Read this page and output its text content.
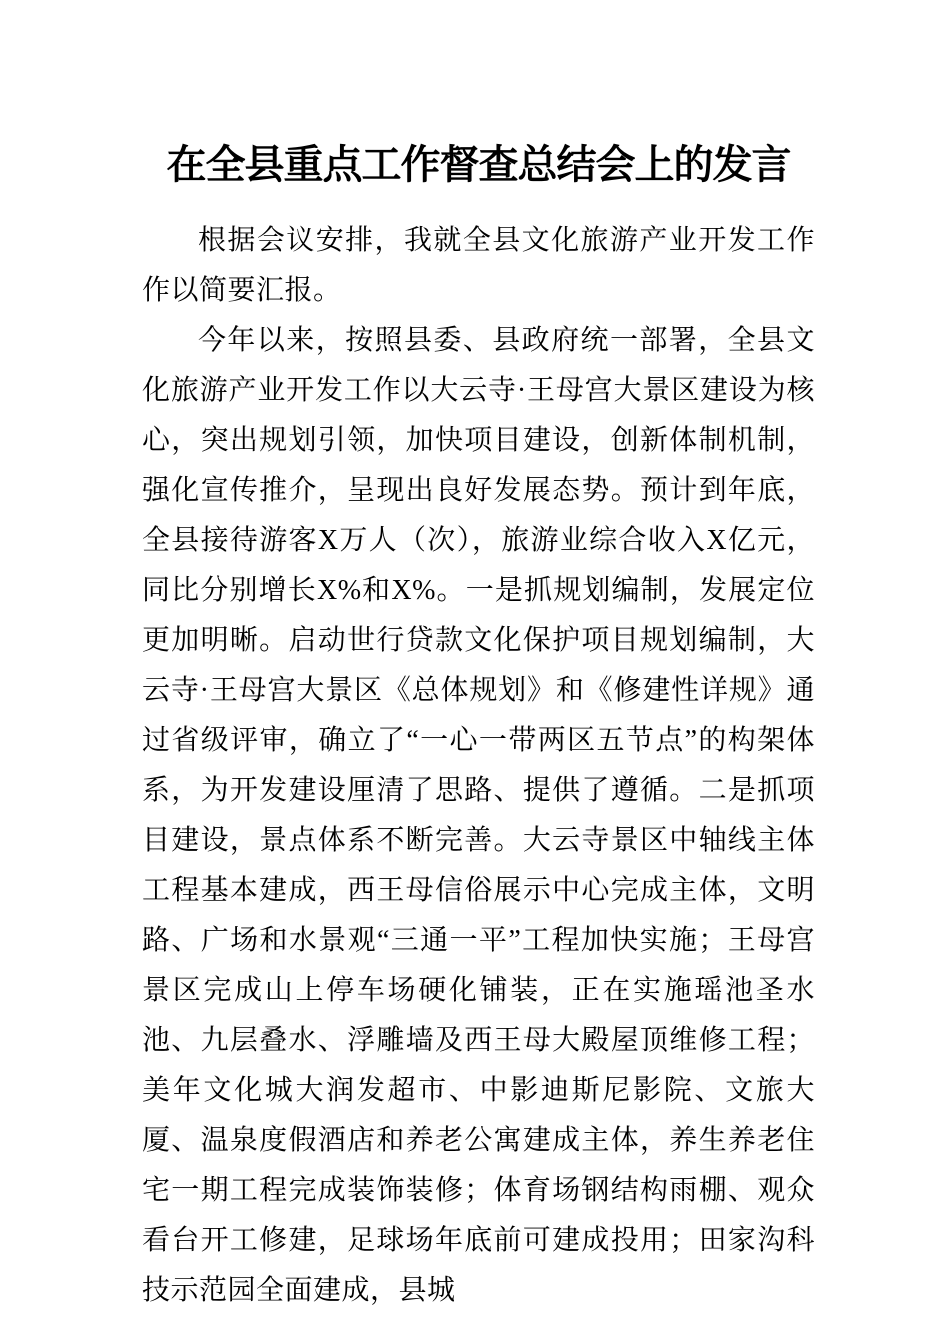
在全县重点工作督查总结会上的发言

根据会议安排，我就全县文化旅游产业开发工作作以简要汇报。

今年以来，按照县委、县政府统一部署，全县文化旅游产业开发工作以大云寺·王母宫大景区建设为核心，突出规划引领，加快项目建设，创新体制机制，强化宣传推介，呈现出良好发展态势。预计到年底，全县接待游客X万人（次），旅游业综合收入X亿元，同比分别增长X%和X%。一是抓规划编制，发展定位更加明晰。启动世行贷款文化保护项目规划编制，大云寺·王母宫大景区《总体规划》和《修建性详规》通过省级评审，确立了“一心一带两区五节点”的构架体系，为开发建设厘清了思路、提供了遵循。二是抓项目建设，景点体系不断完善。大云寺景区中轴线主体工程基本建成，西王母信俗展示中心完成主体，文明路、广场和水景观“三通一平”工程加快实施；王母宫景区完成山上停车场硬化铺装，正在实施瑶池圣水池、九层叠水、浮雕墙及西王母大殿屋顶维修工程；美年文化城大润发超市、中影迪斯尼影院、文旅大厦、温泉度假酒店和养老公寓建成主体，养生养老住宅一期工程完成装饰装修；体育场钢结构雨棚、观众看台开工修建，足球场年底前可建成投用；田家沟科技示范园全面建成，县城
